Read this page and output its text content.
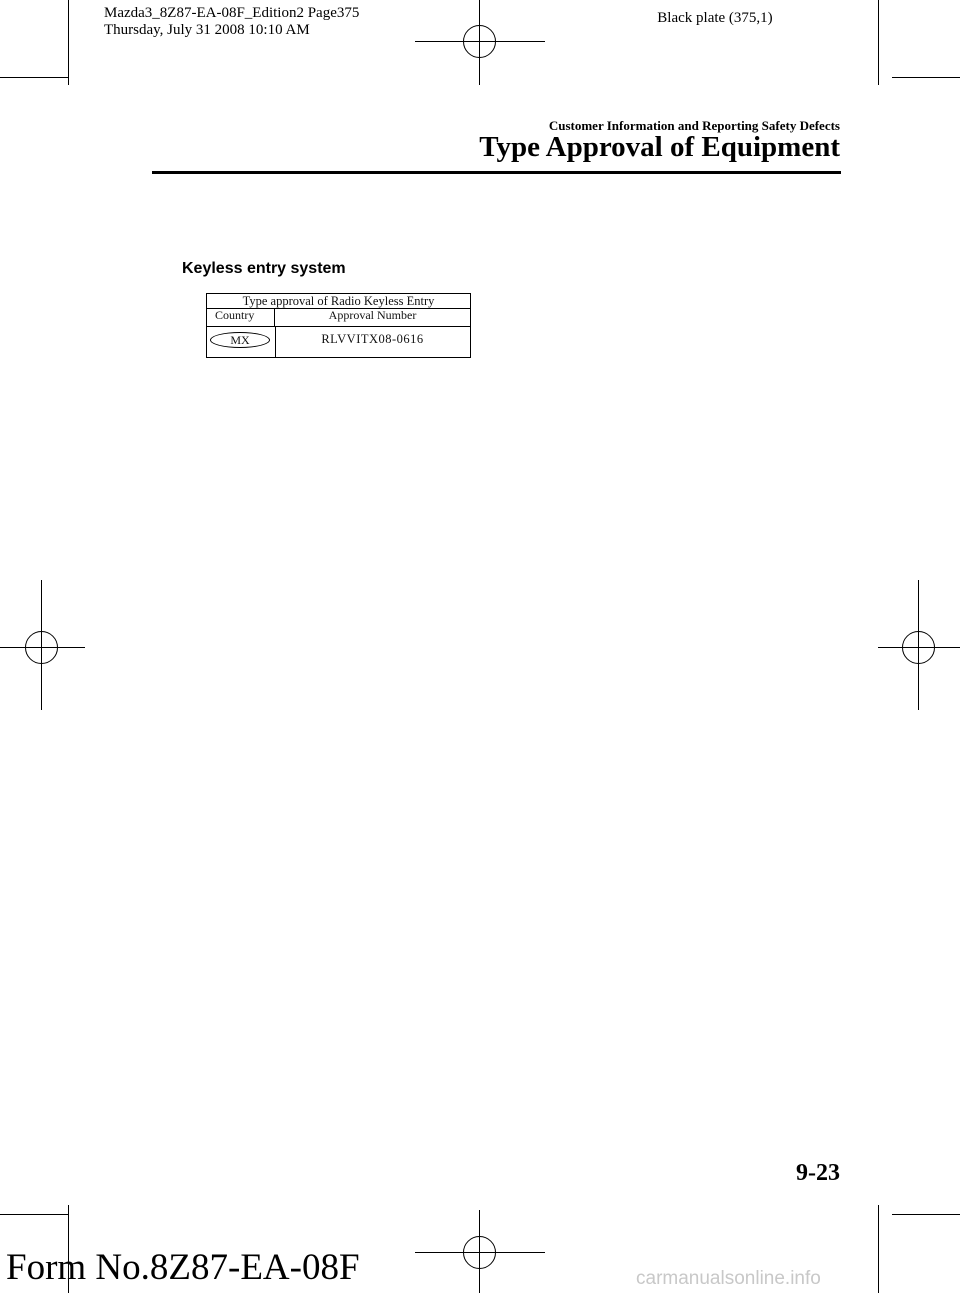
Mazda3_8Z87-EA-08F_Edition2 Page375
Thursday, July 31 2008 10:10 AM
Black plate (375,1)
Customer Information and Reporting Safety Defects
Type Approval of Equipment
Keyless entry system
Type approval of Radio Keyless Entry
Country	Approval Number
MX	RLVVITX08-0616
9-23
Form No.8Z87-EA-08F	carmanualsonline.info
